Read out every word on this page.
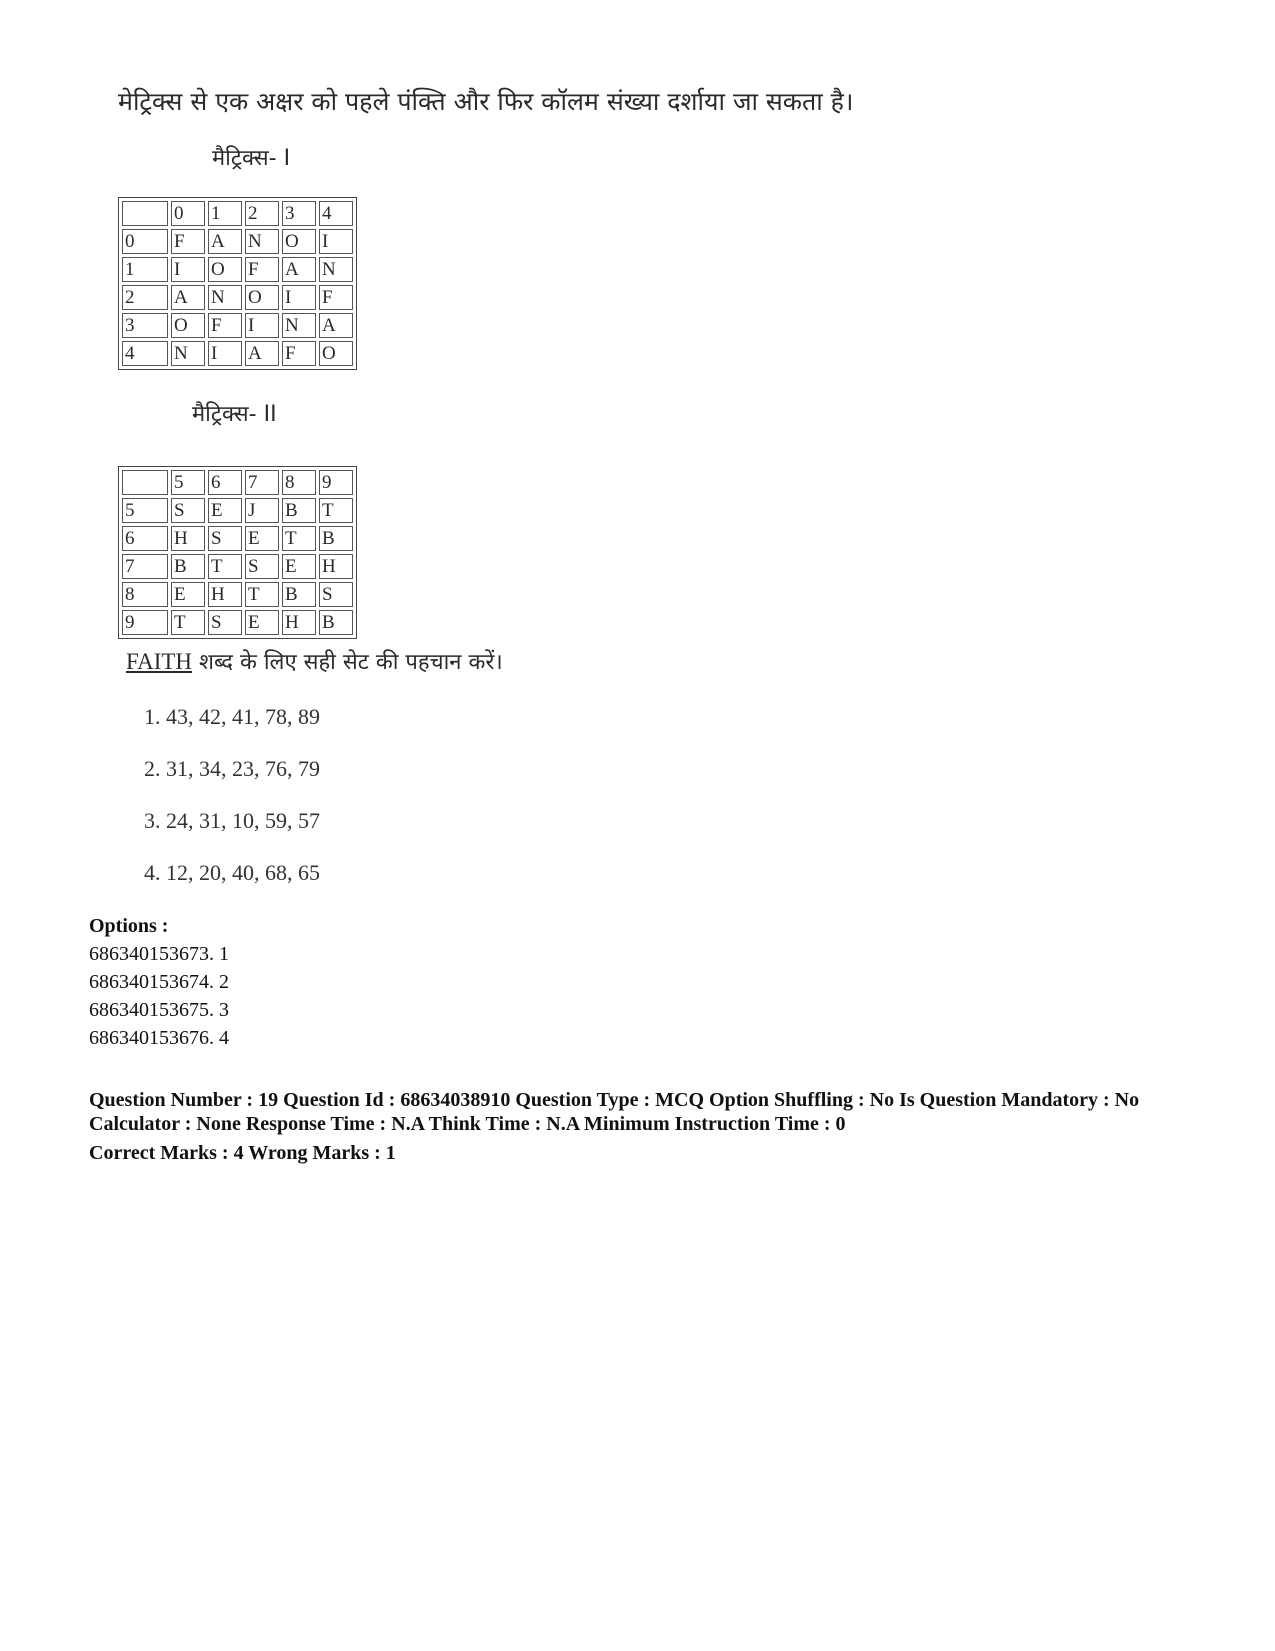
मेट्रिक्स से एक अक्षर को पहले पंक्ति और फिर कॉलम संख्या दर्शाया जा सकता है।
मैट्रिक्स- I
	0	1	2	3	4
0	F	A	N	O	I
1	I	O	F	A	N
2	A	N	O	I	F
3	O	F	I	N	A
4	N	I	A	F	O
मैट्रिक्स- II
	5	6	7	8	9
5	S	E	J	B	T
6	H	S	E	T	B
7	B	T	S	E	H
8	E	H	T	B	S
9	T	S	E	H	B
FAITH शब्द के लिए सही सेट की पहचान करें।
1. 43, 42, 41, 78, 89
2. 31, 34, 23, 76, 79
3. 24, 31, 10, 59, 57
4. 12, 20, 40, 68, 65
Options :
686340153673. 1
686340153674. 2
686340153675. 3
686340153676. 4

Question Number : 19 Question Id : 68634038910 Question Type : MCQ Option Shuffling : No Is Question Mandatory : No Calculator : None Response Time : N.A Think Time : N.A Minimum Instruction Time : 0

Correct Marks : 4 Wrong Marks : 1
